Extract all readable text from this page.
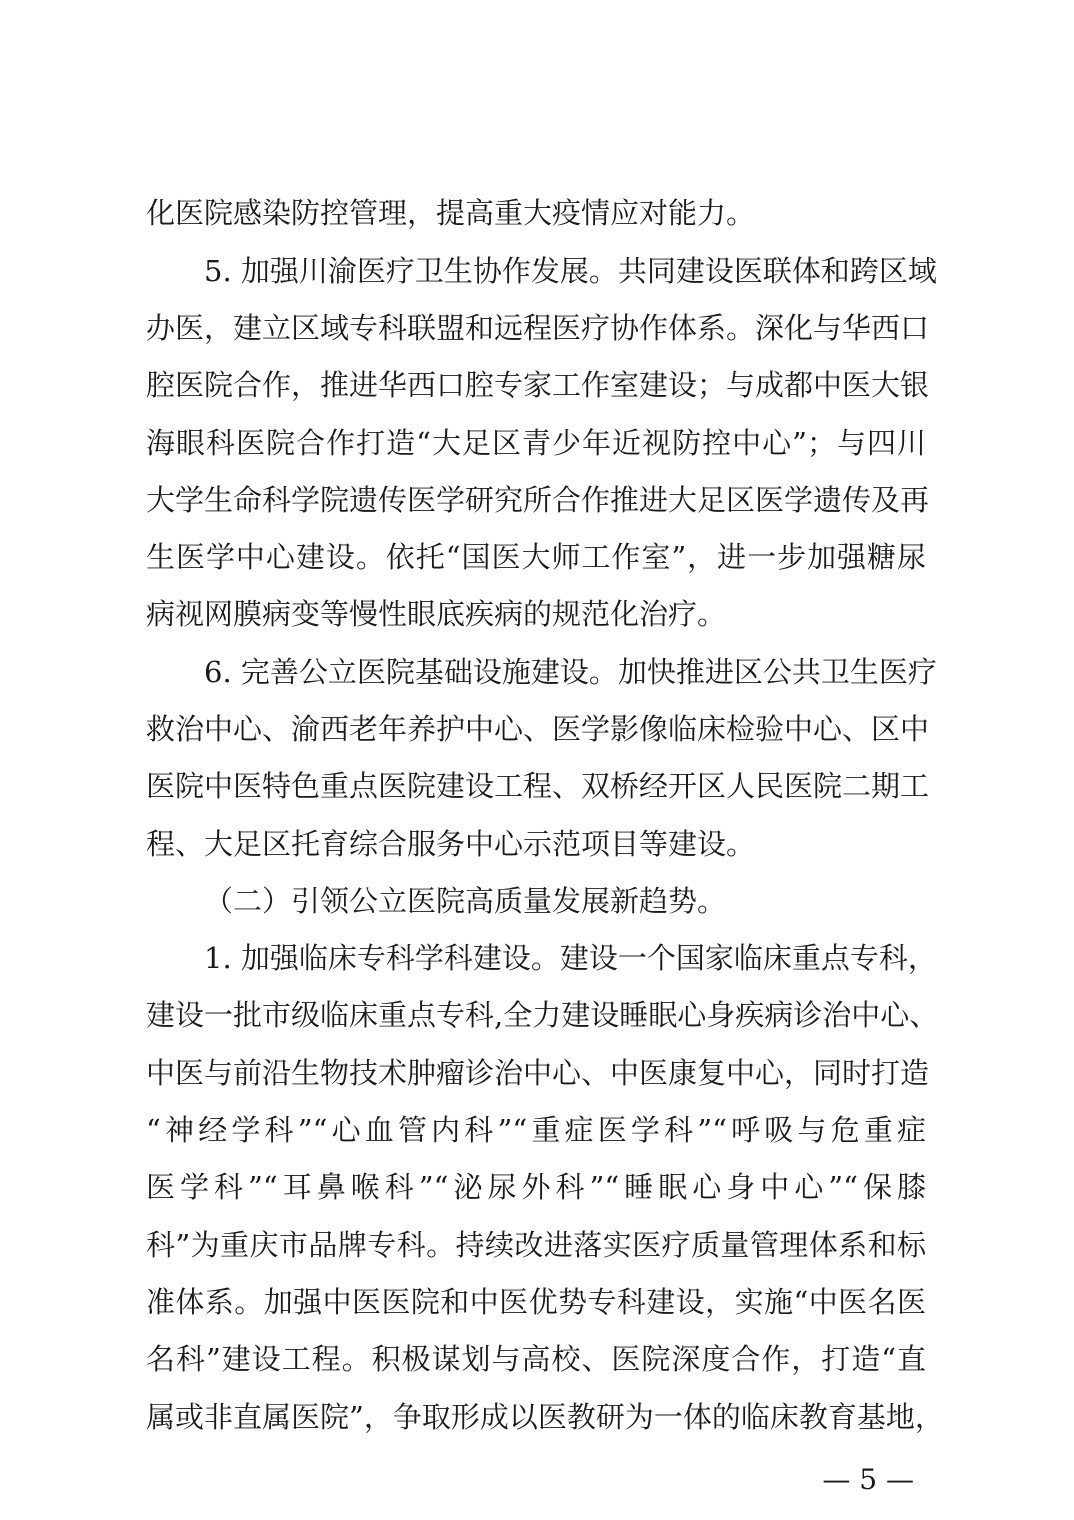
化医院感染防控管理，提高重大疫情应对能力。
5. 加强川渝医疗卫生协作发展。共同建设医联体和跨区域
办医，建立区域专科联盟和远程医疗协作体系。深化与华西口
腔医院合作，推进华西口腔专家工作室建设；与成都中医大银
海眼科医院合作打造“大足区青少年近视防控中心”；与四川
大学生命科学院遗传医学研究所合作推进大足区医学遗传及再
生医学中心建设。依托“国医大师工作室”，进一步加强糖尿
病视网膜病变等慢性眼底疾病的规范化治疗。
6. 完善公立医院基础设施建设。加快推进区公共卫生医疗
救治中心、渝西老年养护中心、医学影像临床检验中心、区中
医院中医特色重点医院建设工程、双桥经开区人民医院二期工
程、大足区托育综合服务中心示范项目等建设。
（二）引领公立医院高质量发展新趋势。
1. 加强临床专科学科建设。建设一个国家临床重点专科，
建设一批市级临床重点专科,全力建设睡眠心身疾病诊治中心、
中医与前沿生物技术肿瘤诊治中心、中医康复中心，同时打造
“神经学科”“心血管内科”“重症医学科”“呼吸与危重症
医学科”“耳鼻喉科”“泌尿外科”“睡眠心身中心”“保膝
科”为重庆市品牌专科。持续改进落实医疗质量管理体系和标
准体系。加强中医医院和中医优势专科建设，实施“中医名医
名科”建设工程。积极谋划与高校、医院深度合作，打造“直
属或非直属医院”，争取形成以医教研为一体的临床教育基地，
— 5 —
